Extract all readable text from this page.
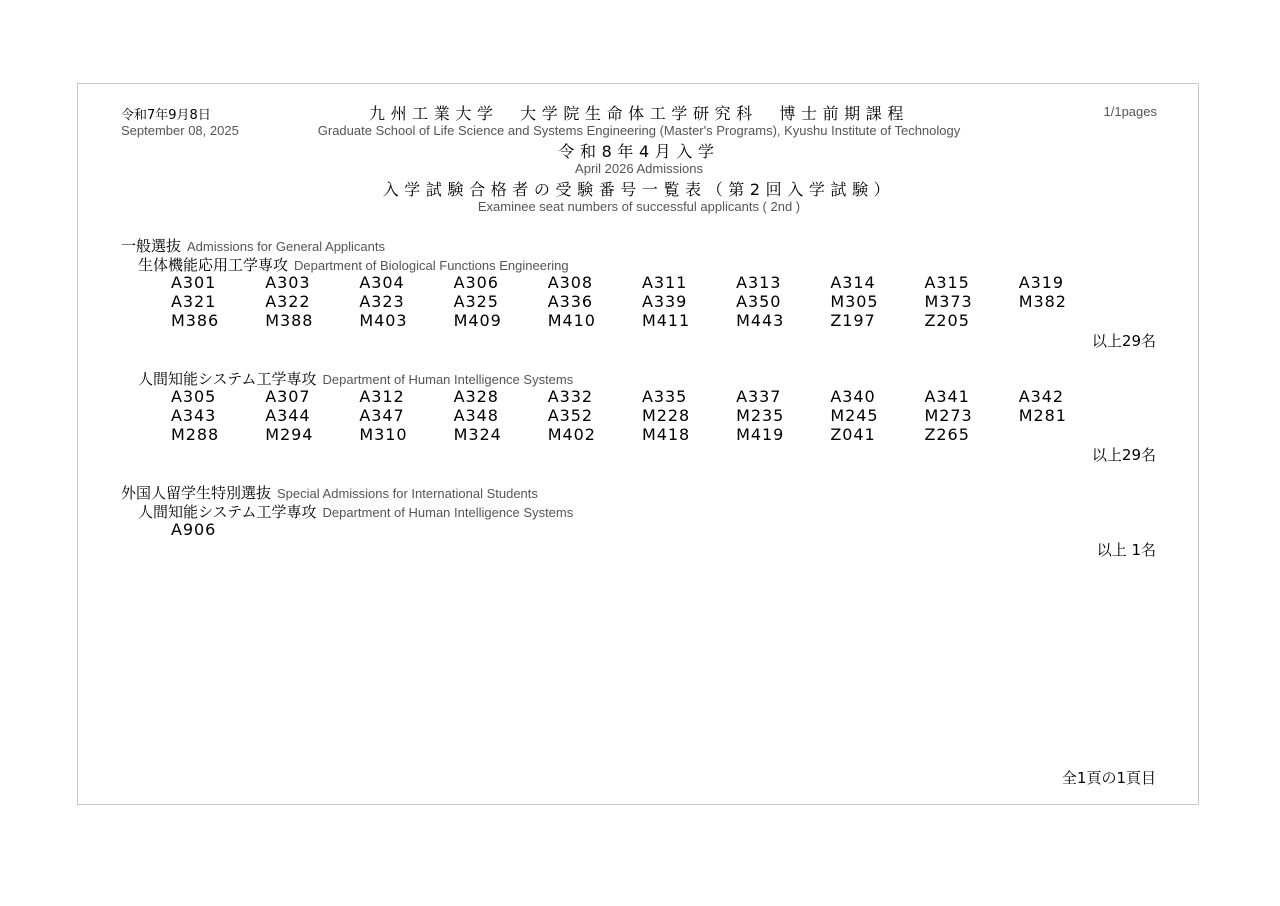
令和7年9月8日
September 08, 2025
1/1pages
九州工業大学　大学院生命体工学研究科　博士前期課程
Graduate School of Life Science and Systems Engineering (Master's Programs), Kyushu Institute of Technology
令和8年4月入学
April 2026 Admissions
入学試験合格者の受験番号一覧表（第2回入学試験）
Examinee seat numbers of successful applicants ( 2nd )
一般選抜 Admissions for General Applicants
生体機能応用工学専攻 Department of Biological Functions Engineering
A301	A303	A304	A306	A308	A311	A313	A314	A315	A319
A321	A322	A323	A325	A336	A339	A350	M305	M373	M382
M386	M388	M403	M409	M410	M411	M443	Z197	Z205
以上29名
人間知能システム工学専攻 Department of Human Intelligence Systems
A305	A307	A312	A328	A332	A335	A337	A340	A341	A342
A343	A344	A347	A348	A352	M228	M235	M245	M273	M281
M288	M294	M310	M324	M402	M418	M419	Z041	Z265
以上29名
外国人留学生特別選抜 Special Admissions for International Students
人間知能システム工学専攻 Department of Human Intelligence Systems
A906
以上 1名
全1頁の1頁目
